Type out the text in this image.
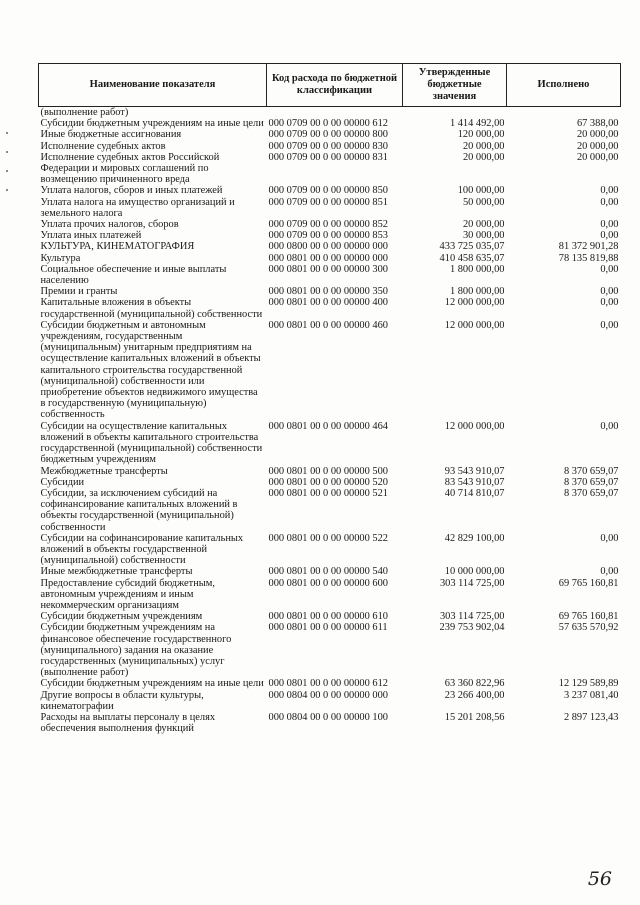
Наименование показателя	Код расхода по бюджетной классификации	Утвержденные бюджетные значения	Исполнено
(выполнение работ)			
Субсидии бюджетным учреждениям на иные цели	000 0709 00 0 00 00000 612	1 414 492,00	67 388,00
Иные бюджетные ассигнования	000 0709 00 0 00 00000 800	120 000,00	20 000,00
Исполнение судебных актов	000 0709 00 0 00 00000 830	20 000,00	20 000,00
Исполнение судебных актов Российской Федерации и мировых соглашений по возмещению причиненного вреда	000 0709 00 0 00 00000 831	20 000,00	20 000,00
Уплата налогов, сборов и иных платежей	000 0709 00 0 00 00000 850	100 000,00	0,00
Уплата налога на имущество организаций и земельного налога	000 0709 00 0 00 00000 851	50 000,00	0,00
Уплата прочих налогов, сборов	000 0709 00 0 00 00000 852	20 000,00	0,00
Уплата иных платежей	000 0709 00 0 00 00000 853	30 000,00	0,00
КУЛЬТУРА, КИНЕМАТОГРАФИЯ	000 0800 00 0 00 00000 000	433 725 035,07	81 372 901,28
Культура	000 0801 00 0 00 00000 000	410 458 635,07	78 135 819,88
Социальное обеспечение и иные выплаты населению	000 0801 00 0 00 00000 300	1 800 000,00	0,00
Премии и гранты	000 0801 00 0 00 00000 350	1 800 000,00	0,00
Капитальные вложения в объекты государственной (муниципальной) собственности	000 0801 00 0 00 00000 400	12 000 000,00	0,00
Субсидии бюджетным и автономным учреждениям, государственным (муниципальным) унитарным предприятиям на осуществление капитальных вложений в объекты капитального строительства государственной (муниципальной) собственности или приобретение объектов недвижимого имущества в государственную (муниципальную) собственность	000 0801 00 0 00 00000 460	12 000 000,00	0,00
Субсидии на осуществление капитальных вложений в объекты капитального строительства государственной (муниципальной) собственности бюджетным учреждениям	000 0801 00 0 00 00000 464	12 000 000,00	0,00
Межбюджетные трансферты	000 0801 00 0 00 00000 500	93 543 910,07	8 370 659,07
Субсидии	000 0801 00 0 00 00000 520	83 543 910,07	8 370 659,07
Субсидии, за исключением субсидий на софинансирование капитальных вложений в объекты государственной (муниципальной) собственности	000 0801 00 0 00 00000 521	40 714 810,07	8 370 659,07
Субсидии на софинансирование капитальных вложений в объекты государственной (муниципальной) собственности	000 0801 00 0 00 00000 522	42 829 100,00	0,00
Иные межбюджетные трансферты	000 0801 00 0 00 00000 540	10 000 000,00	0,00
Предоставление субсидий бюджетным, автономным учреждениям и иным некоммерческим организациям	000 0801 00 0 00 00000 600	303 114 725,00	69 765 160,81
Субсидии бюджетным учреждениям	000 0801 00 0 00 00000 610	303 114 725,00	69 765 160,81
Субсидии бюджетным учреждениям на финансовое обеспечение государственного (муниципального) задания на оказание государственных (муниципальных) услуг (выполнение работ)	000 0801 00 0 00 00000 611	239 753 902,04	57 635 570,92
Субсидии бюджетным учреждениям на иные цели	000 0801 00 0 00 00000 612	63 360 822,96	12 129 589,89
Другие вопросы в области культуры, кинематографии	000 0804 00 0 00 00000 000	23 266 400,00	3 237 081,40
Расходы на выплаты персоналу в целях обеспечения выполнения функций	000 0804 00 0 00 00000 100	15 201 208,56	2 897 123,43
56
